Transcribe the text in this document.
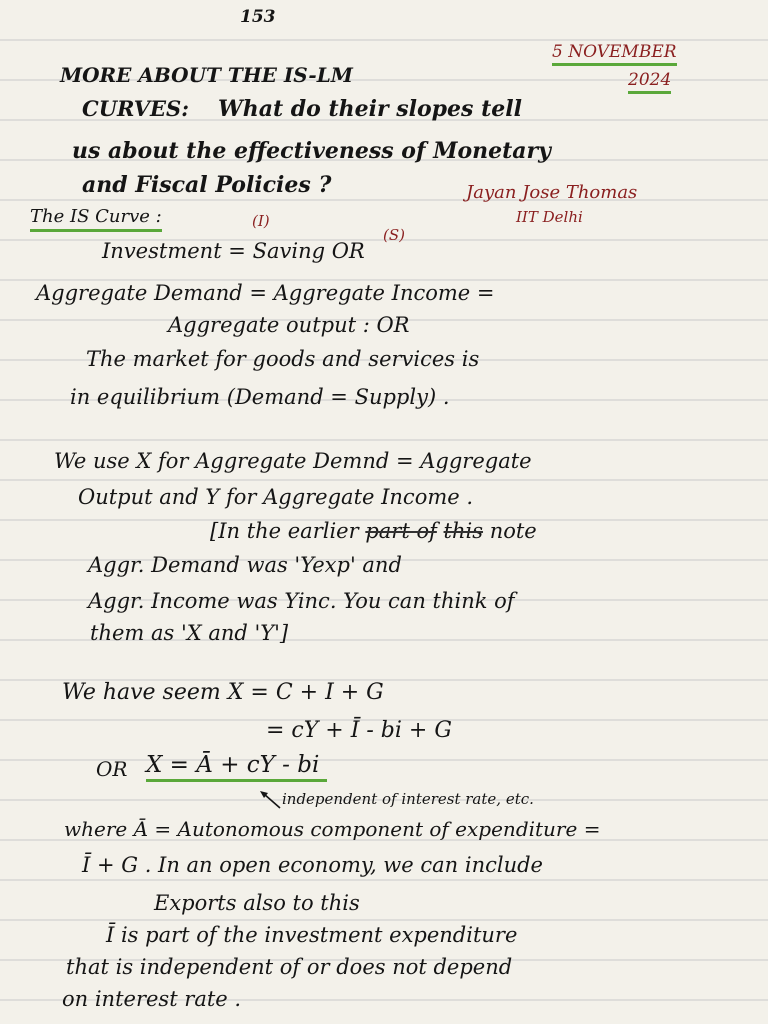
153
5 NOVEMBER
2024
MORE ABOUT THE IS-LM
CURVES: What do their slopes tell
us about the effectiveness of Monetary
and Fiscal Policies ?	Jayan Jose Thomas
IIT Delhi
The IS Curve :	(I)
(S)
Investment = Saving OR
Aggregate Demand = Aggregate Income =
Aggregate output : OR
The market for goods and services is
in equilibrium (Demand = Supply) .
We use X for Aggregate Demnd = Aggregate
Output and Y for Aggregate Income .
[In the earlier part of this note
Aggr. Demand was 'Yexp' and
Aggr. Income was Yinc. You can think of
them as 'X and 'Y']
We have seem X = C + I + G
= cY + Ī - bi + G
OR X = Ā + cY - bi
independent of interest rate, etc.
where Ā = Autonomous component of expenditure =
Ī + G . In an open economy, we can include
Exports also to this
Ī is part of the investment expenditure
that is independent of or does not depend
on interest rate .
